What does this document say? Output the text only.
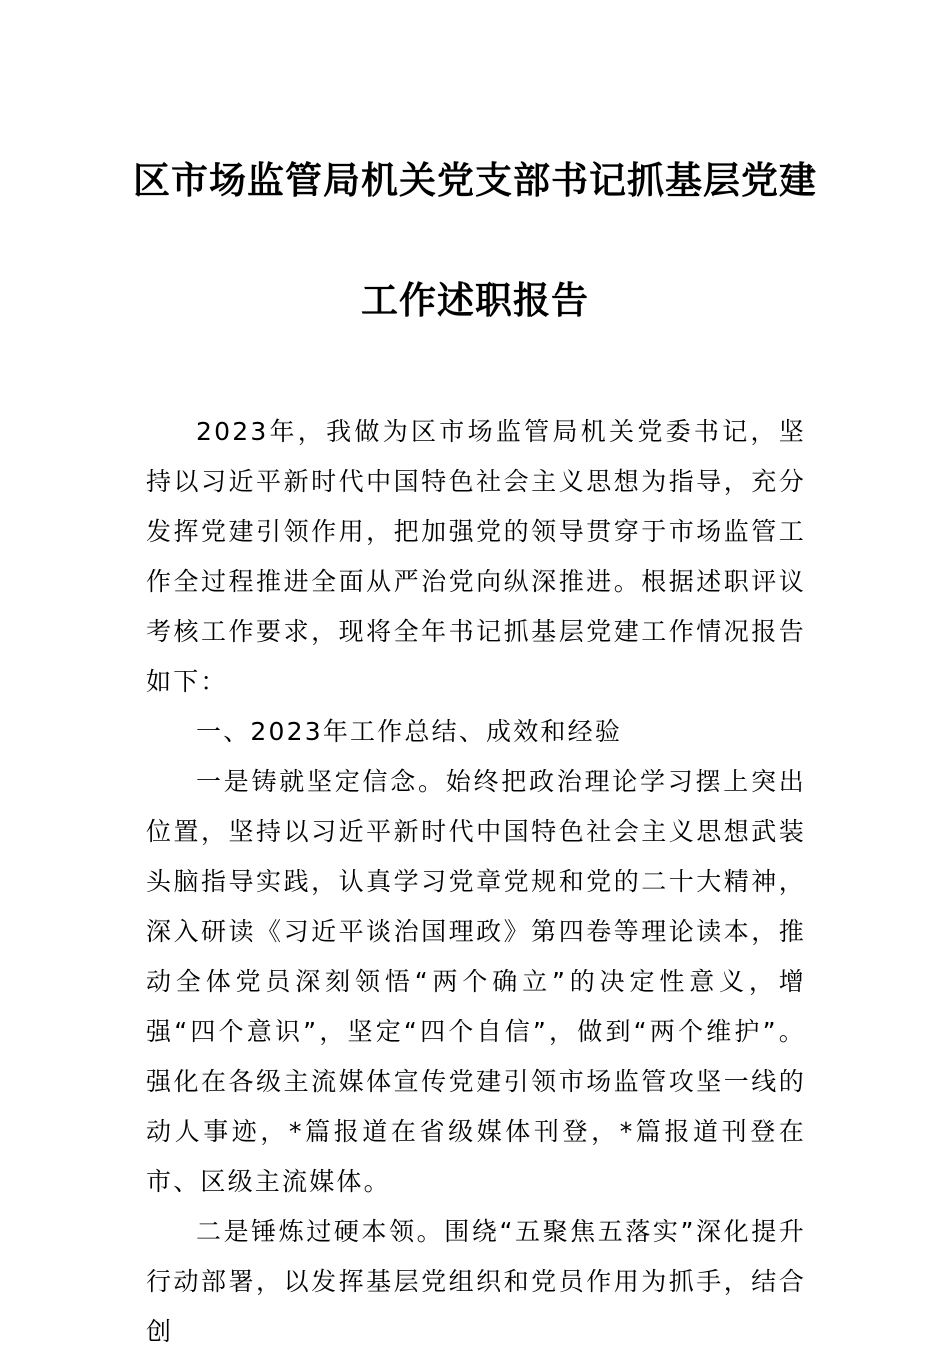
区市场监管局机关党支部书记抓基层党建
工作述职报告

2023年，我做为区市场监管局机关党委书记，坚持以习近平新时代中国特色社会主义思想为指导，充分发挥党建引领作用，把加强党的领导贯穿于市场监管工作全过程推进全面从严治党向纵深推进。根据述职评议考核工作要求，现将全年书记抓基层党建工作情况报告如下：

一、2023年工作总结、成效和经验

一是铸就坚定信念。始终把政治理论学习摆上突出位置，坚持以习近平新时代中国特色社会主义思想武装头脑指导实践，认真学习党章党规和党的二十大精神，深入研读《习近平谈治国理政》第四卷等理论读本，推动全体党员深刻领悟“两个确立”的决定性意义，增强“四个意识”，坚定“四个自信”，做到“两个维护”。强化在各级主流媒体宣传党建引领市场监管攻坚一线的动人事迹，*篇报道在省级媒体刊登，*篇报道刊登在市、区级主流媒体。

二是锤炼过硬本领。围绕“五聚焦五落实”深化提升行动部署，以发挥基层党组织和党员作用为抓手，结合创
